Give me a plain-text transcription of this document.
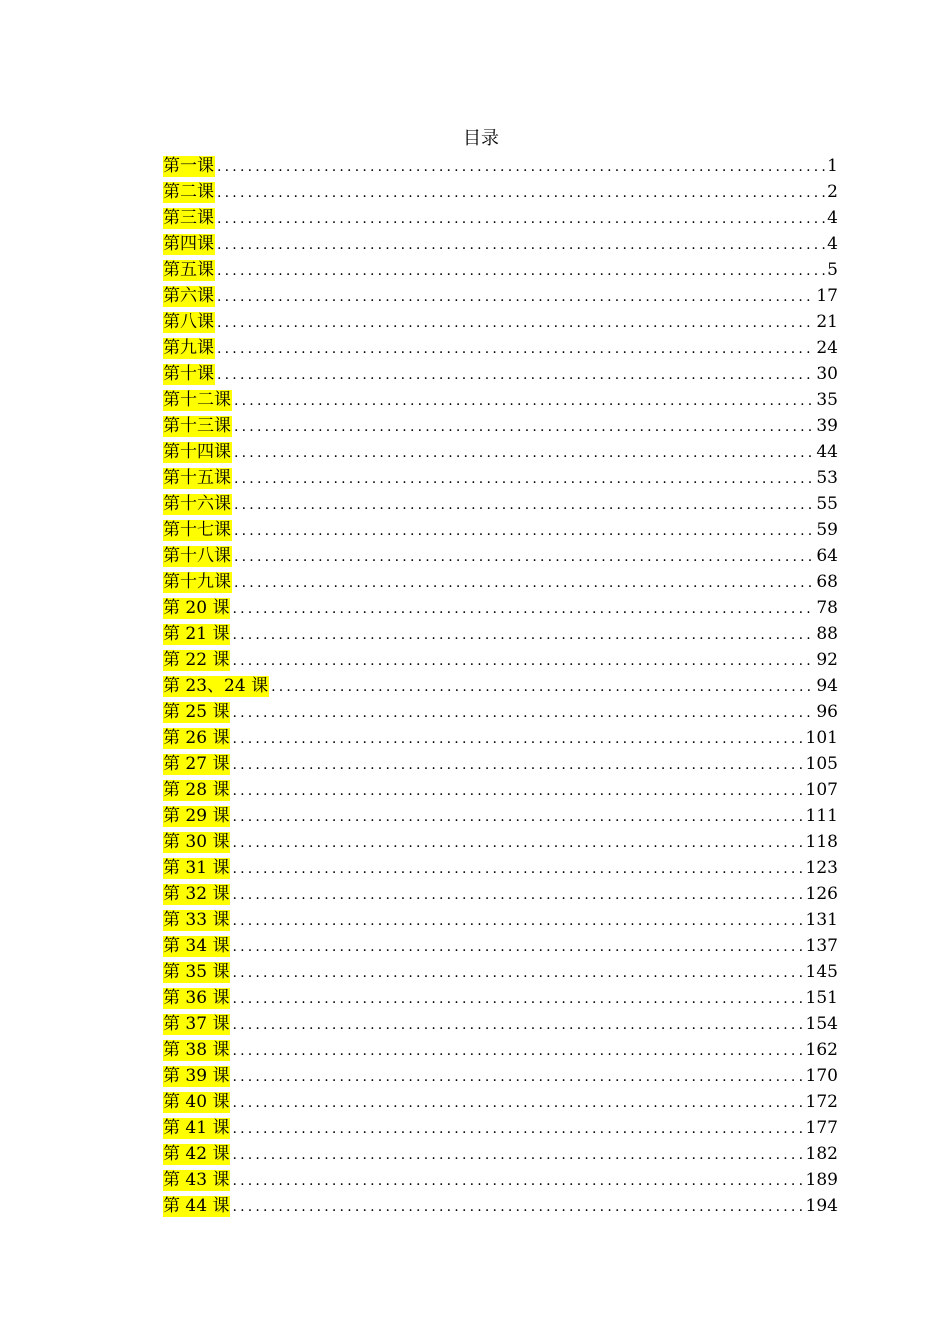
目录
第一课 .....	1
第二课 .....	2
第三课 .....	4
第四课 .....	4
第五课 .....	5
第六课 .....	17
第八课 .....	21
第九课 .....	24
第十课 .....	30
第十二课 .....	35
第十三课 .....	39
第十四课 .....	44
第十五课 .....	53
第十六课 .....	55
第十七课 .....	59
第十八课 .....	64
第十九课 .....	68
第 20 课 .....	78
第 21 课 .....	88
第 22 课 .....	92
第 23、24 课 .....	94
第 25 课 .....	96
第 26 课 .....	101
第 27 课 .....	105
第 28 课 .....	107
第 29 课 .....	111
第 30 课 .....	118
第 31 课 .....	123
第 32 课 .....	126
第 33 课 .....	131
第 34 课 .....	137
第 35 课 .....	145
第 36 课 .....	151
第 37 课 .....	154
第 38 课 .....	162
第 39 课 .....	170
第 40 课 .....	172
第 41 课 .....	177
第 42 课 .....	182
第 43 课 .....	189
第 44 课 .....	194
